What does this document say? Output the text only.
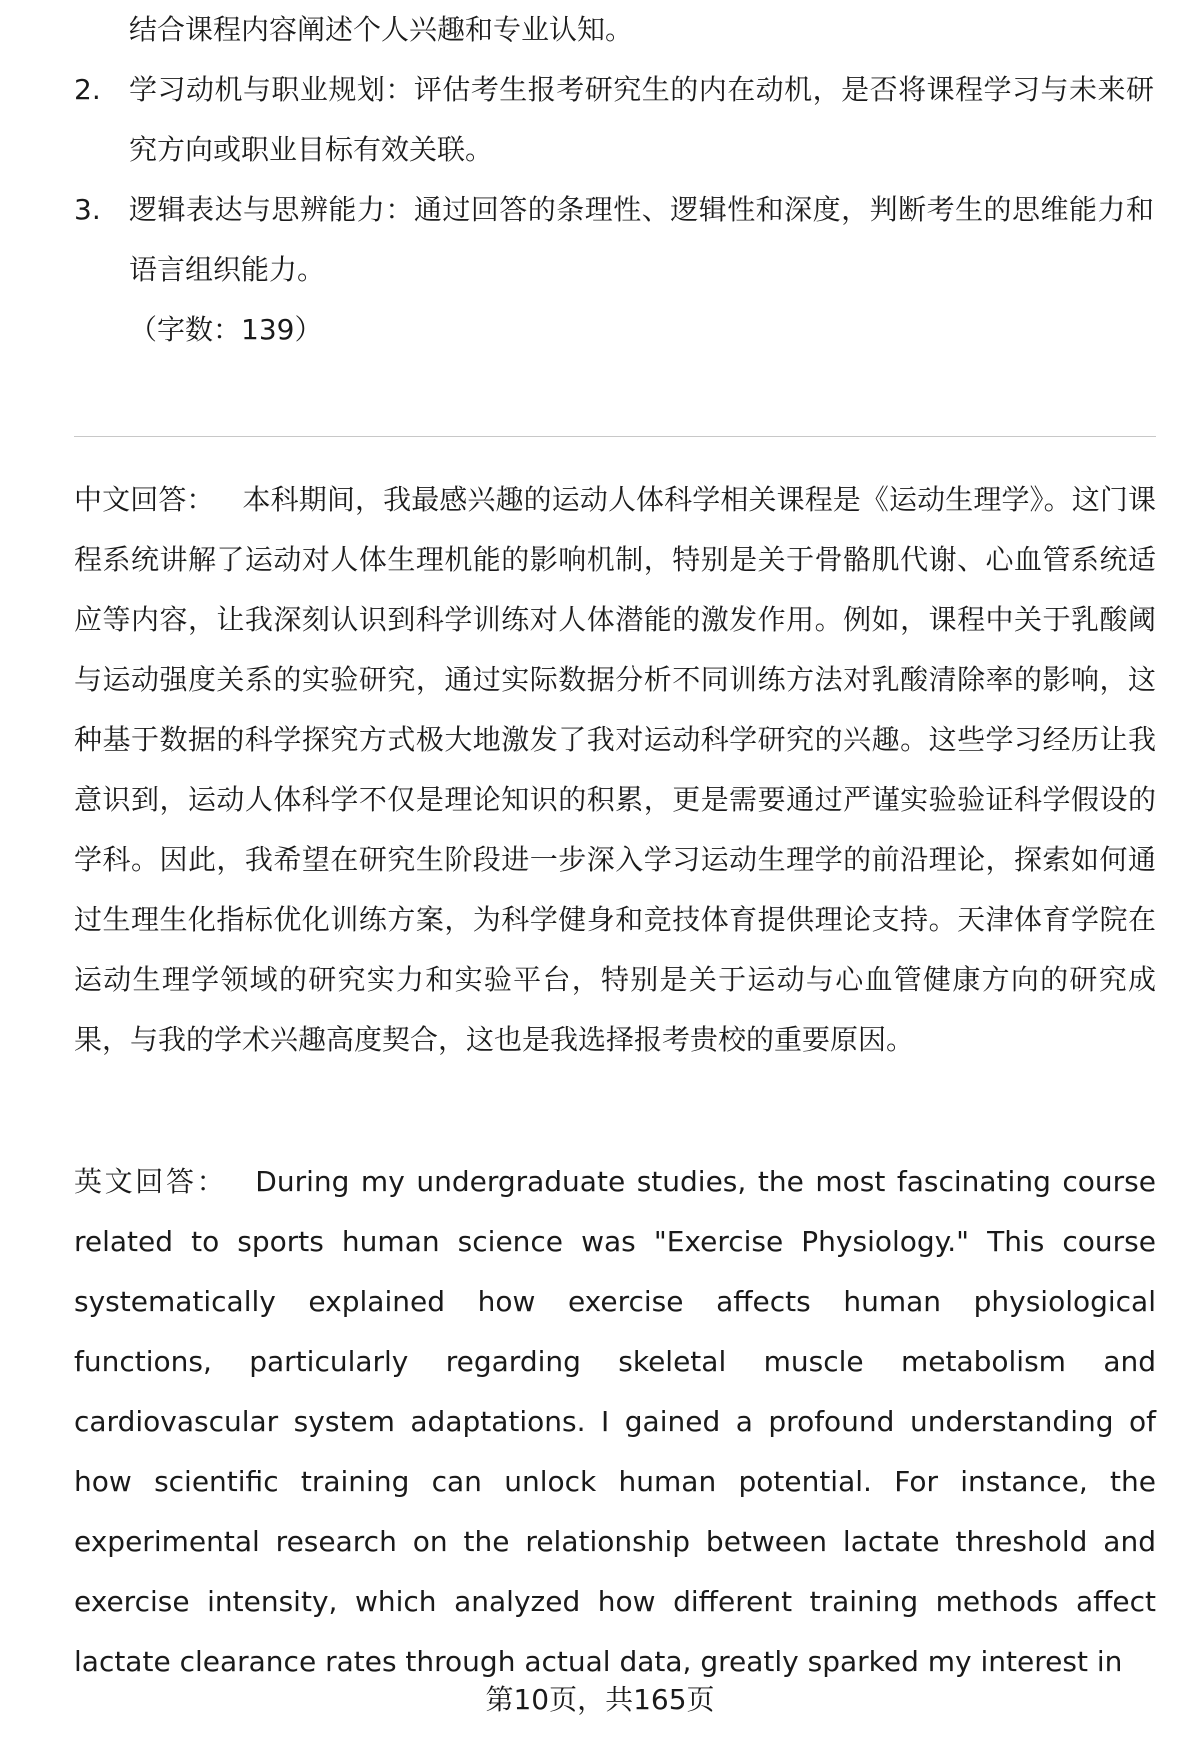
结合课程内容阐述个人兴趣和专业认知。

2.	学习动机与职业规划：评估考生报考研究生的内在动机，是否将课程学习与未来研究方向或职业目标有效关联。
3.	逻辑表达与思辨能力：通过回答的条理性、逻辑性和深度，判断考生的思维能力和语言组织能力。

（字数：139）

中文回答： 本科期间，我最感兴趣的运动人体科学相关课程是《运动生理学》。这门课程系统讲解了运动对人体生理机能的影响机制，特别是关于骨骼肌代谢、心血管系统适应等内容，让我深刻认识到科学训练对人体潜能的激发作用。例如，课程中关于乳酸阈与运动强度关系的实验研究，通过实际数据分析不同训练方法对乳酸清除率的影响，这种基于数据的科学探究方式极大地激发了我对运动科学研究的兴趣。这些学习经历让我意识到，运动人体科学不仅是理论知识的积累，更是需要通过严谨实验验证科学假设的学科。因此，我希望在研究生阶段进一步深入学习运动生理学的前沿理论，探索如何通过生理生化指标优化训练方案，为科学健身和竞技体育提供理论支持。天津体育学院在运动生理学领域的研究实力和实验平台，特别是关于运动与心血管健康方向的研究成果，与我的学术兴趣高度契合，这也是我选择报考贵校的重要原因。

英文回答： During my undergraduate studies, the most fascinating course related to sports human science was "Exercise Physiology." This course systematically explained how exercise affects human physiological functions, particularly regarding skeletal muscle metabolism and cardiovascular system adaptations. I gained a profound understanding of how scientific training can unlock human potential. For instance, the experimental research on the relationship between lactate threshold and exercise intensity, which analyzed how different training methods affect lactate clearance rates through actual data, greatly sparked my interest in

第10页，共165页
